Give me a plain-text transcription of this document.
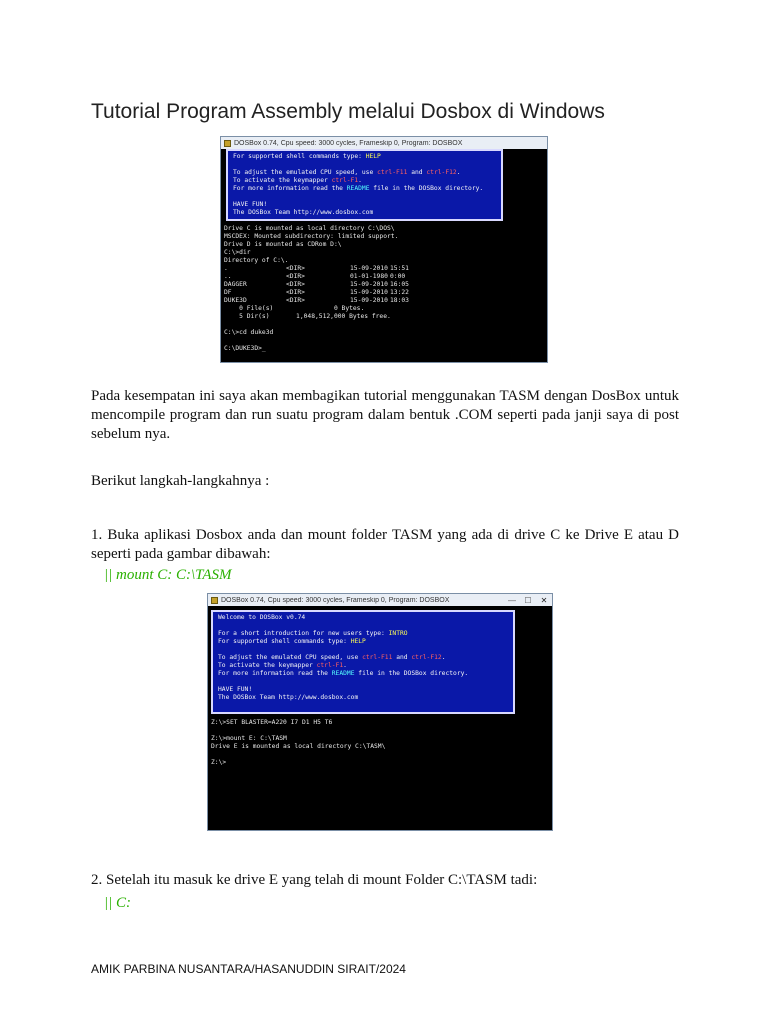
Tutorial Program Assembly melalui Dosbox di Windows
DOSBox 0.74, Cpu speed: 3000 cycles, Frameskip 0, Program: DOSBOX
For supported shell commands type: HELP
To adjust the emulated CPU speed, use ctrl-F11 and ctrl-F12.
To activate the keymapper ctrl-F1.
For more information read the README file in the DOSBox directory.
HAVE FUN!
The DOSBox Team http://www.dosbox.com
Drive C is mounted as local directory C:\DOS\
MSCDEX: Mounted subdirectory: limited support.
Drive D is mounted as CDRom D:\
C:\>dir
Directory of C:\.
.	<DIR>	15-09-2010 15:51
..	<DIR>	01-01-1980 0:00
DAGGER	<DIR>	15-09-2010 16:05
DF	<DIR>	15-09-2010 13:22
DUKE3D	<DIR>	15-09-2010 18:03
0 File(s)                0 Bytes.
5 Dir(s)       1,048,512,000 Bytes free.
C:\>cd duke3d
C:\DUKE3D>_
Pada kesempatan ini saya akan membagikan tutorial menggunakan TASM dengan DosBox untuk mencompile program dan run suatu program dalam bentuk .COM seperti pada janji saya di post sebelum nya.
Berikut langkah-langkahnya :
1. Buka aplikasi Dosbox anda dan mount folder TASM yang ada di drive C ke Drive E atau D seperti pada gambar dibawah:
|| mount C: C:\TASM
DOSBox 0.74, Cpu speed: 3000 cycles, Frameskip 0, Program: DOSBOX	—	☐	✕
Welcome to DOSBox v0.74
For a short introduction for new users type: INTRO
For supported shell commands type: HELP
To adjust the emulated CPU speed, use ctrl-F11 and ctrl-F12.
To activate the keymapper ctrl-F1.
For more information read the README file in the DOSBox directory.
HAVE FUN!
The DOSBox Team http://www.dosbox.com
Z:\>SET BLASTER=A220 I7 D1 H5 T6
Z:\>mount E: C:\TASM
Drive E is mounted as local directory C:\TASM\
Z:\>
2. Setelah itu masuk ke drive E yang telah di mount Folder C:\TASM tadi:
|| C:
AMIK PARBINA NUSANTARA/HASANUDDIN SIRAIT/2024
